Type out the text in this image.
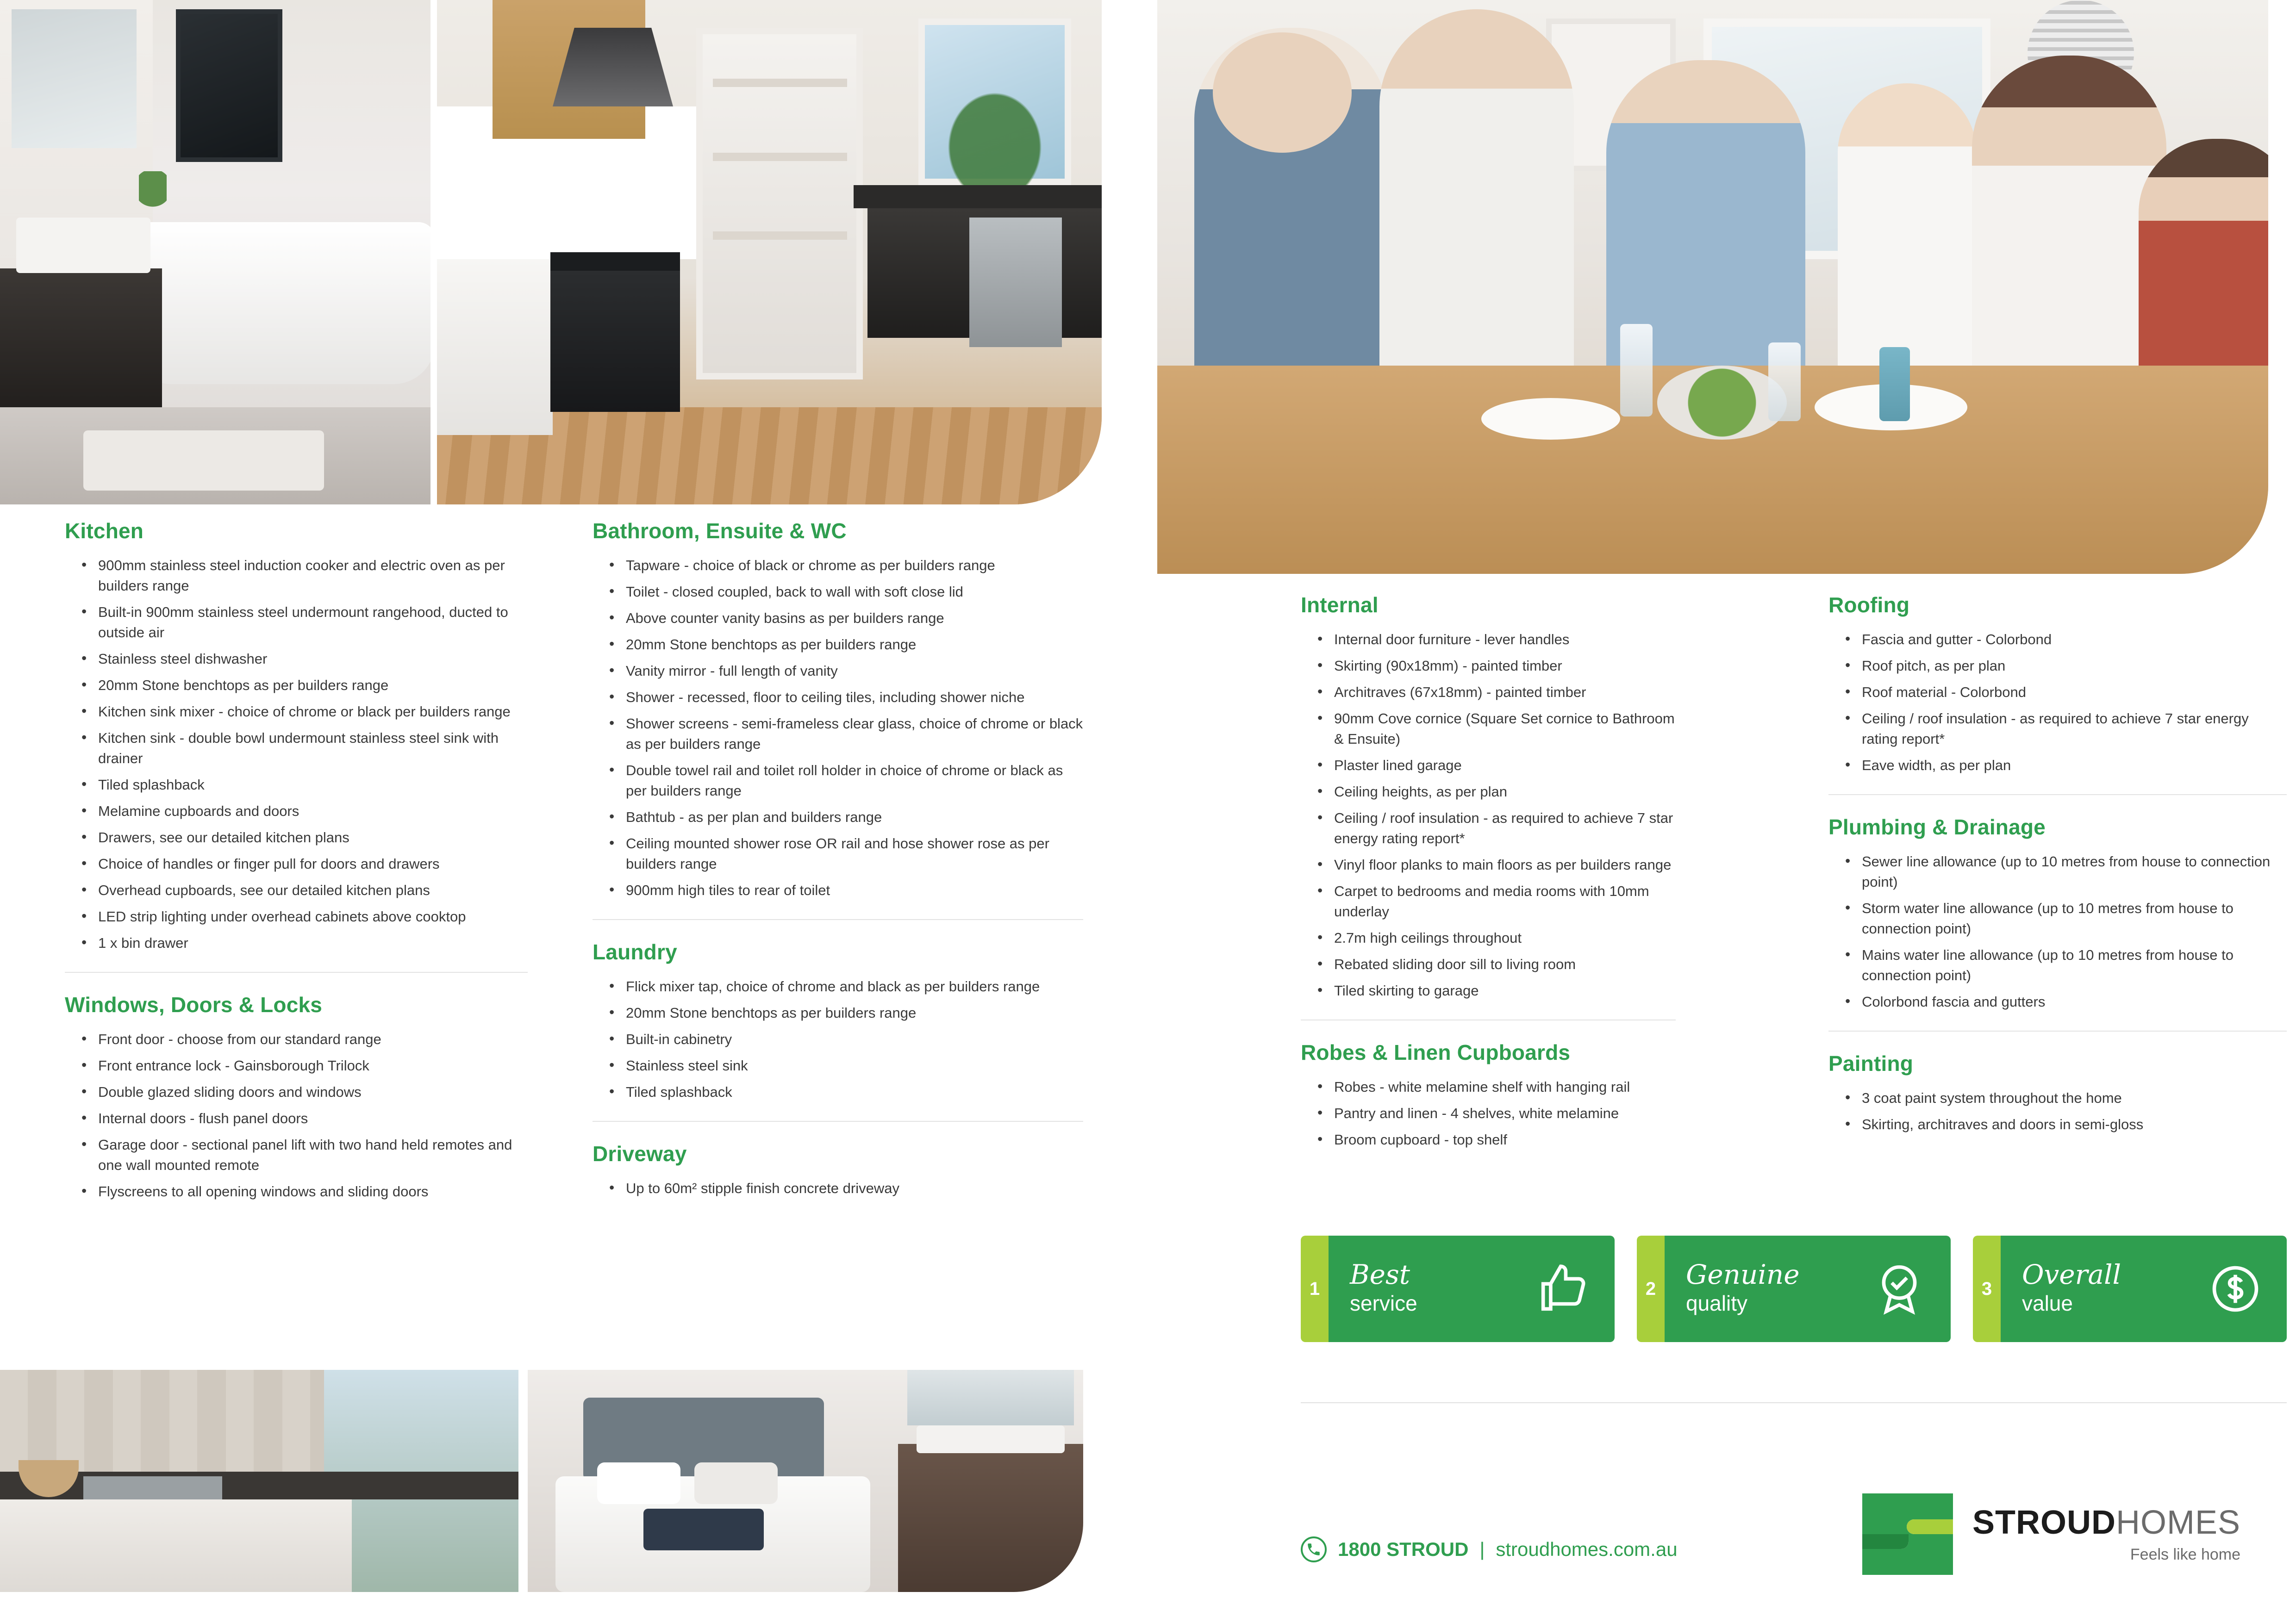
Kitchen
• 900mm stainless steel induction cooker and electric oven as per builders range
• Built-in 900mm stainless steel undermount rangehood, ducted to outside air
• Stainless steel dishwasher
• 20mm Stone benchtops as per builders range
• Kitchen sink mixer - choice of chrome or black per builders range
• Kitchen sink - double bowl undermount stainless steel sink with drainer
• Tiled splashback
• Melamine cupboards and doors
• Drawers, see our detailed kitchen plans
• Choice of handles or finger pull for doors and drawers
• Overhead cupboards, see our detailed kitchen plans
• LED strip lighting under overhead cabinets above cooktop
• 1 x bin drawer
Windows, Doors & Locks
• Front door - choose from our standard range
• Front entrance lock - Gainsborough Trilock
• Double glazed sliding doors and windows
• Internal doors - flush panel doors
• Garage door - sectional panel lift with two hand held remotes and one wall mounted remote
• Flyscreens to all opening windows and sliding doors
Bathroom, Ensuite & WC
• Tapware - choice of black or chrome as per builders range
• Toilet - closed coupled, back to wall with soft close lid
• Above counter vanity basins as per builders range
• 20mm Stone benchtops as per builders range
• Vanity mirror - full length of vanity
• Shower - recessed, floor to ceiling tiles, including shower niche
• Shower screens - semi-frameless clear glass, choice of chrome or black as per builders range
• Double towel rail and toilet roll holder in choice of chrome or black as per builders range
• Bathtub - as per plan and builders range
• Ceiling mounted shower rose OR rail and hose shower rose as per builders range
• 900mm high tiles to rear of toilet
Laundry
• Flick mixer tap, choice of chrome and black as per builders range
• 20mm Stone benchtops as per builders range
• Built-in cabinetry
• Stainless steel sink
• Tiled splashback
Driveway
• Up to 60m² stipple finish concrete driveway
Internal
• Internal door furniture - lever handles
• Skirting (90x18mm) - painted timber
• Architraves (67x18mm) - painted timber
• 90mm Cove cornice (Square Set cornice to Bathroom & Ensuite)
• Plaster lined garage
• Ceiling heights, as per plan
• Ceiling / roof insulation - as required to achieve 7 star energy rating report*
• Vinyl floor planks to main floors as per builders range
• Carpet to bedrooms and media rooms with 10mm underlay
• 2.7m high ceilings throughout
• Rebated sliding door sill to living room
• Tiled skirting to garage
Robes & Linen Cupboards
• Robes - white melamine shelf with hanging rail
• Pantry and linen - 4 shelves, white melamine
• Broom cupboard - top shelf
Roofing
• Fascia and gutter - Colorbond
• Roof pitch, as per plan
• Roof material - Colorbond
• Ceiling / roof insulation - as required to achieve 7 star energy rating report*
• Eave width, as per plan
Plumbing & Drainage
• Sewer line allowance (up to 10 metres from house to connection point)
• Storm water line allowance (up to 10 metres from house to connection point)
• Mains water line allowance (up to 10 metres from house to connection point)
• Colorbond fascia and gutters
Painting
• 3 coat paint system throughout the home
• Skirting, architraves and doors in semi-gloss
1	Best
service
2	Genuine
quality
3	Overall
value
1800 STROUD | stroudhomes.com.au
STROUDHOMES
Feels like home
